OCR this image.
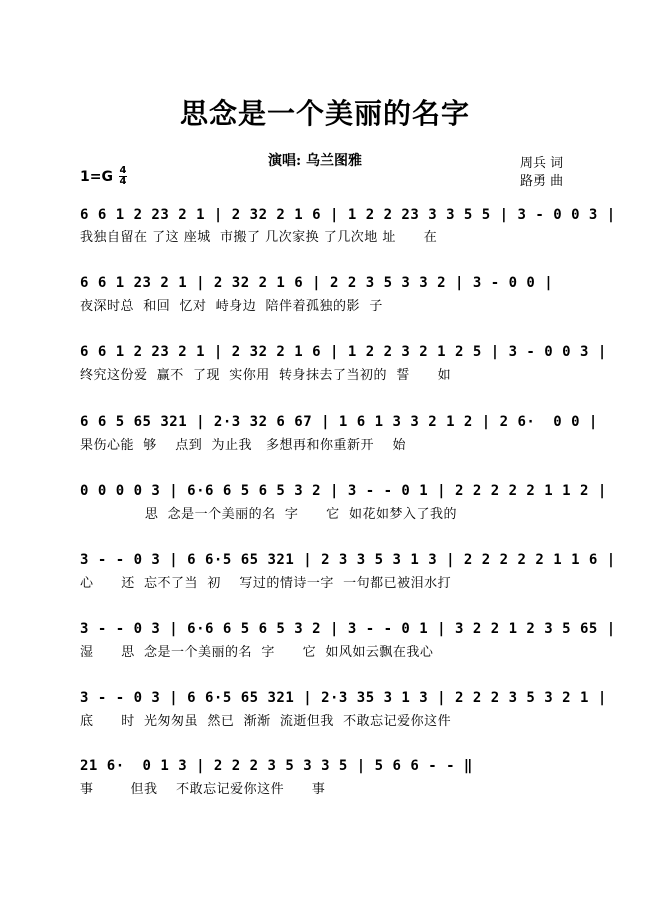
思念是一个美丽的名字
演唱: 乌兰图雅	周兵 词
路勇 曲
1=G 4
4
6 6 1 2 23 2 1 | 2 32 2 1 6 | 1 2 2 23 3 3 5 5 | 3 - 0 0 3 |
我独自留在 了这 座城  市搬了 几次家换 了几次地 址      在
6 6 1 23 2 1 | 2 32 2 1 6 | 2 2 3 5 3 3 2 | 3 - 0 0 |
夜深时总  和回  忆对  峙身边  陪伴着孤独的影  子
6 6 1 2 23 2 1 | 2 32 2 1 6 | 1 2 2 3 2 1 2 5 | 3 - 0 0 3 |
终究这份爱  赢不  了现  实你用  转身抹去了当初的  誓      如
6 6 5 65 321 | 2·3 32 6 67 | 1 6 1 3 3 2 1 2 | 2 6·  0 0 |
果伤心能  够    点到  为止我   多想再和你重新开    始
0 0 0 0 3 | 6·6 6 5 6 5 3 2 | 3 - - 0 1 | 2 2 2 2 2 1 1 2 |
思  念是一个美丽的名  字      它  如花如梦入了我的
3 - - 0 3 | 6 6·5 65 321 | 2 3 3 5 3 1 3 | 2 2 2 2 2 1 1 6 |
心      还  忘不了当  初    写过的情诗一字  一句都已被泪水打
3 - - 0 3 | 6·6 6 5 6 5 3 2 | 3 - - 0 1 | 3 2 2 1 2 3 5 65 |
湿      思  念是一个美丽的名  字      它  如风如云飘在我心
3 - - 0 3 | 6 6·5 65 321 | 2·3 35 3 1 3 | 2 2 2 3 5 3 2 1 |
底      时  光匆匆虽  然已  渐渐  流逝但我  不敢忘记爱你这件
21 6·  0 1 3 | 2 2 2 3 5 3 3 5 | 5 6 6 - - ‖
事        但我    不敢忘记爱你这件      事
